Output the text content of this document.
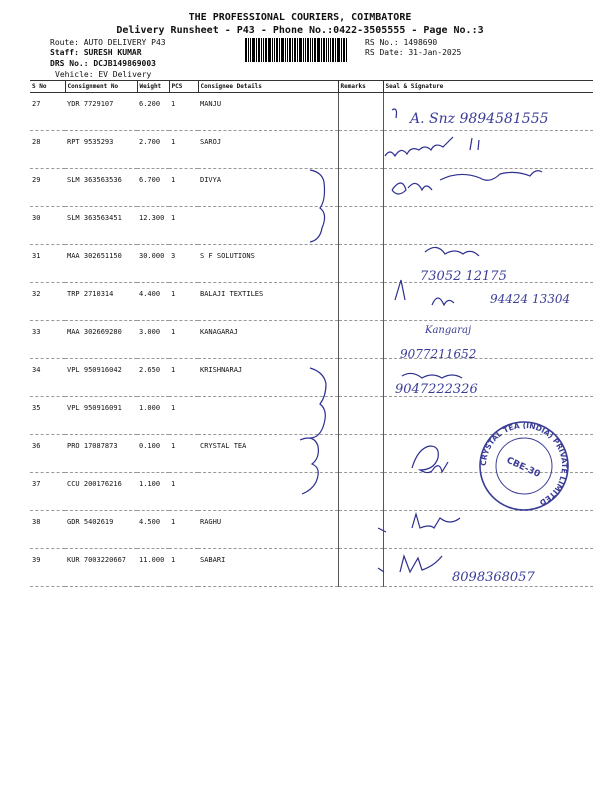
THE PROFESSIONAL COURIERS, COIMBATORE
Delivery Runsheet - P43 - Phone No.:0422-3505555 - Page No.:3
Route: AUTO DELIVERY P43
Staff: SURESH KUMAR
DRS No.: DCJB149869003
Vehicle: EV Delivery
RS No.: 1498690
RS Date: 31-Jan-2025
S No	Consignment No	Weight	PCS	Consignee Details	Remarks	Seal & Signature
27	YDR 7729107	6.200	1	MANJU		
28	RPT 9535293	2.700	1	SAROJ		
29	SLM 363563536	6.700	1	DIVYA		
30	SLM 363563451	12.300	1			
31	MAA 302651150	30.000	3	S F SOLUTIONS		
32	TRP 2710314	4.400	1	BALAJI TEXTILES		
33	MAA 302669280	3.000	1	KANAGARAJ		
34	VPL 950916042	2.650	1	KRISHNARAJ		
35	VPL 950916091	1.000	1			
36	PRO 17087873	0.100	1	CRYSTAL TEA		
37	CCU 200176216	1.100	1			
38	GDR 5402619	4.500	1	RAGHU		
39	KUR 7003220667	11.000	1	SABARI		
A. Snz 9894581555
73052 12175
94424 13304
Kangaraj
9077211652
9047222326
CRYSTAL TEA (INDIA) PRIVATE LIMITED
CBE-30
8098368057
